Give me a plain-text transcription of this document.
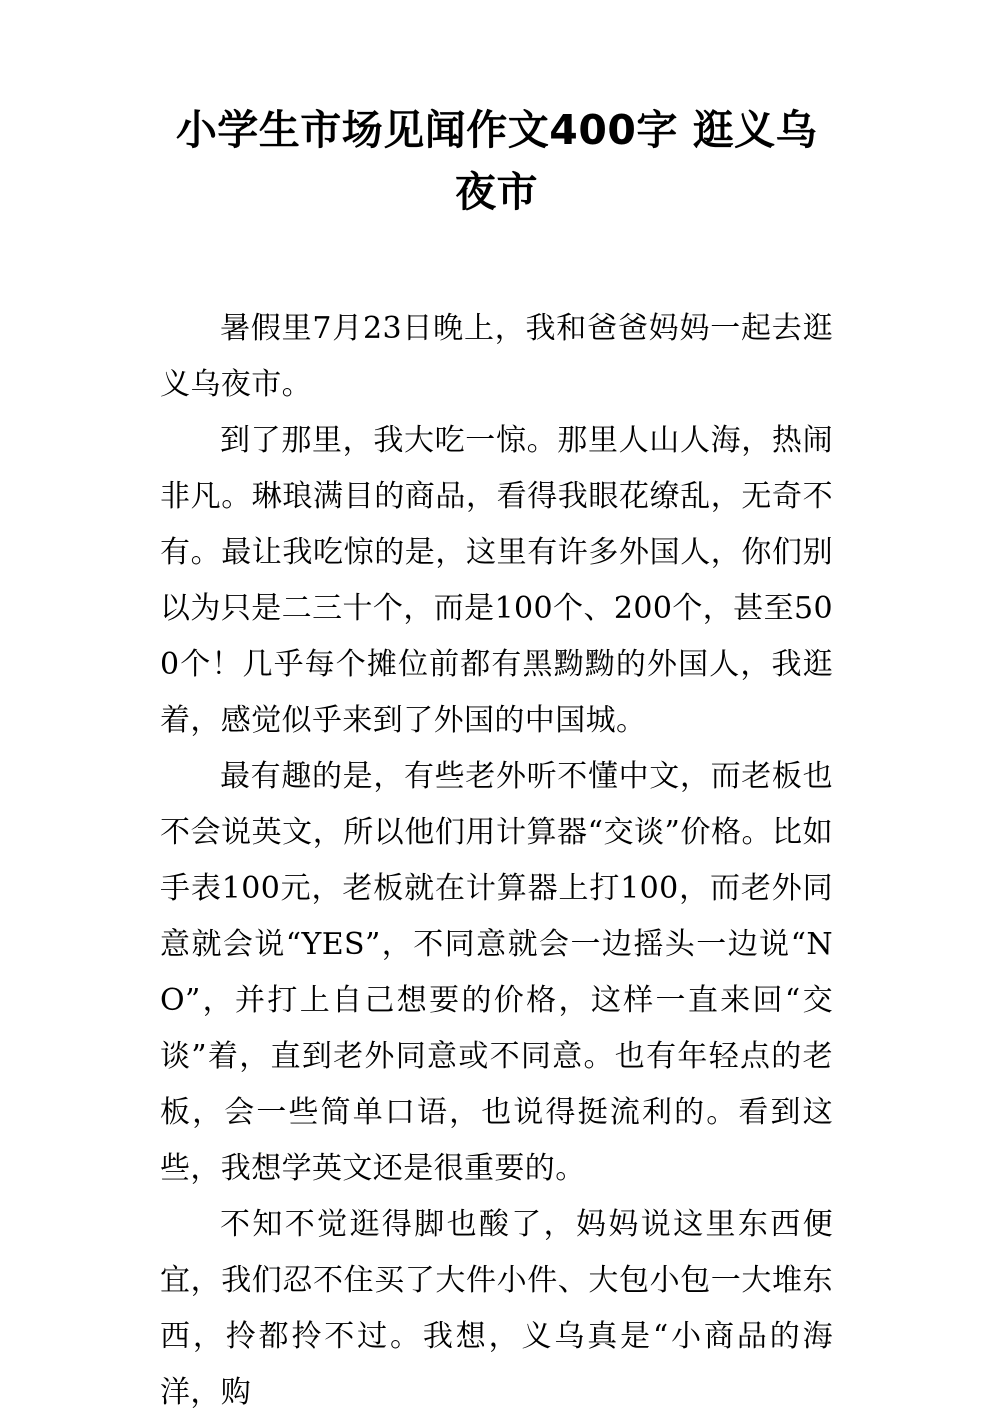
小学生市场见闻作文400字 逛义乌夜市

暑假里7月23日晚上，我和爸爸妈妈一起去逛义乌夜市。

到了那里，我大吃一惊。那里人山人海，热闹非凡。琳琅满目的商品，看得我眼花缭乱，无奇不有。最让我吃惊的是，这里有许多外国人，你们别以为只是二三十个，而是100个、200个，甚至500个！几乎每个摊位前都有黑黝黝的外国人，我逛着，感觉似乎来到了外国的中国城。

最有趣的是，有些老外听不懂中文，而老板也不会说英文，所以他们用计算器“交谈”价格。比如手表100元，老板就在计算器上打100，而老外同意就会说“YES”，不同意就会一边摇头一边说“NO”，并打上自己想要的价格，这样一直来回“交谈”着，直到老外同意或不同意。也有年轻点的老板，会一些简单口语，也说得挺流利的。看到这些，我想学英文还是很重要的。

不知不觉逛得脚也酸了，妈妈说这里东西便宜，我们忍不住买了大件小件、大包小包一大堆东西，拎都拎不过。我想，义乌真是“小商品的海洋，购
